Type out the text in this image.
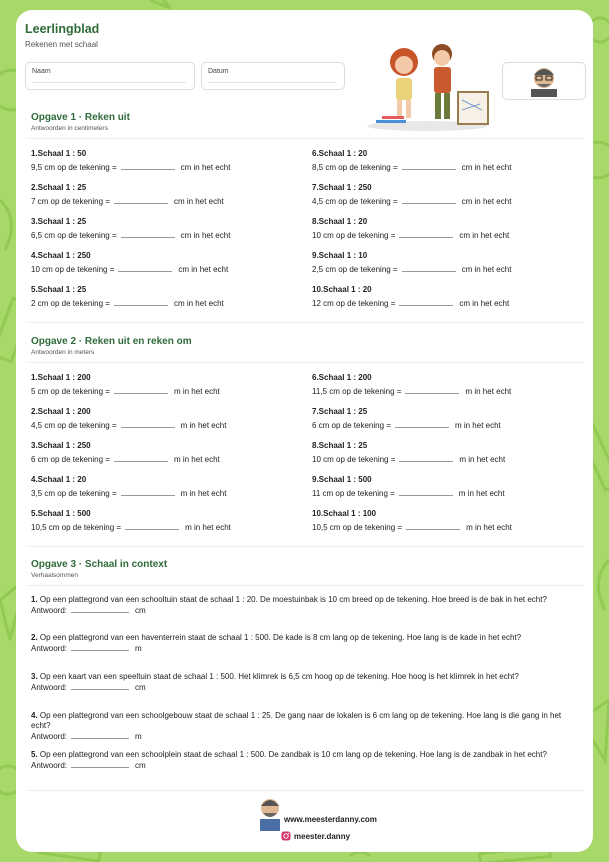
Leerlingblad
Rekenen met schaal
Naam	Datum
Opgave 1 · Reken uit
Antwoorden in centimeters
1.Schaal 1 : 50
9,5 cm op de tekening =	cm in het echt
2.Schaal 1 : 25
7 cm op de tekening =	cm in het echt
3.Schaal 1 : 25
6,5 cm op de tekening =	cm in het echt
4.Schaal 1 : 250
10 cm op de tekening =	cm in het echt
5.Schaal 1 : 25
2 cm op de tekening =	cm in het echt
6.Schaal 1 : 20
8,5 cm op de tekening =	cm in het echt
7.Schaal 1 : 250
4,5 cm op de tekening =	cm in het echt
8.Schaal 1 : 20
10 cm op de tekening =	cm in het echt
9.Schaal 1 : 10
2,5 cm op de tekening =	cm in het echt
10.Schaal 1 : 20
12 cm op de tekening =	cm in het echt
Opgave 2 · Reken uit en reken om
Antwoorden in meters
1.Schaal 1 : 200
5 cm op de tekening =	m in het echt
2.Schaal 1 : 200
4,5 cm op de tekening =	m in het echt
3.Schaal 1 : 250
6 cm op de tekening =	m in het echt
4.Schaal 1 : 20
3,5 cm op de tekening =	m in het echt
5.Schaal 1 : 500
10,5 cm op de tekening =	m in het echt
6.Schaal 1 : 200
11,5 cm op de tekening =	m in het echt
7.Schaal 1 : 25
6 cm op de tekening =	m in het echt
8.Schaal 1 : 25
10 cm op de tekening =	m in het echt
9.Schaal 1 : 500
11 cm op de tekening =	m in het echt
10.Schaal 1 : 100
10,5 cm op de tekening =	m in het echt
Opgave 3 · Schaal in context
Verhaalsommen
1. Op een plattegrond van een schooltuin staat de schaal 1 : 20. De moestuinbak is 10 cm breed op de tekening. Hoe breed is de bak in het echt?
Antwoord:	cm
2. Op een plattegrond van een haventerrein staat de schaal 1 : 500. De kade is 8 cm lang op de tekening. Hoe lang is de kade in het echt?
Antwoord:	m
3. Op een kaart van een speeltuin staat de schaal 1 : 500. Het klimrek is 6,5 cm hoog op de tekening. Hoe hoog is het klimrek in het echt?
Antwoord:	cm
4. Op een plattegrond van een schoolgebouw staat de schaal 1 : 25. De gang naar de lokalen is 6 cm lang op de tekening. Hoe lang is die gang in het echt?
Antwoord:	m
5. Op een plattegrond van een schoolplein staat de schaal 1 : 500. De zandbak is 10 cm lang op de tekening. Hoe lang is de zandbak in het echt?
Antwoord:	cm
www.meesterdanny.com
meester.danny
